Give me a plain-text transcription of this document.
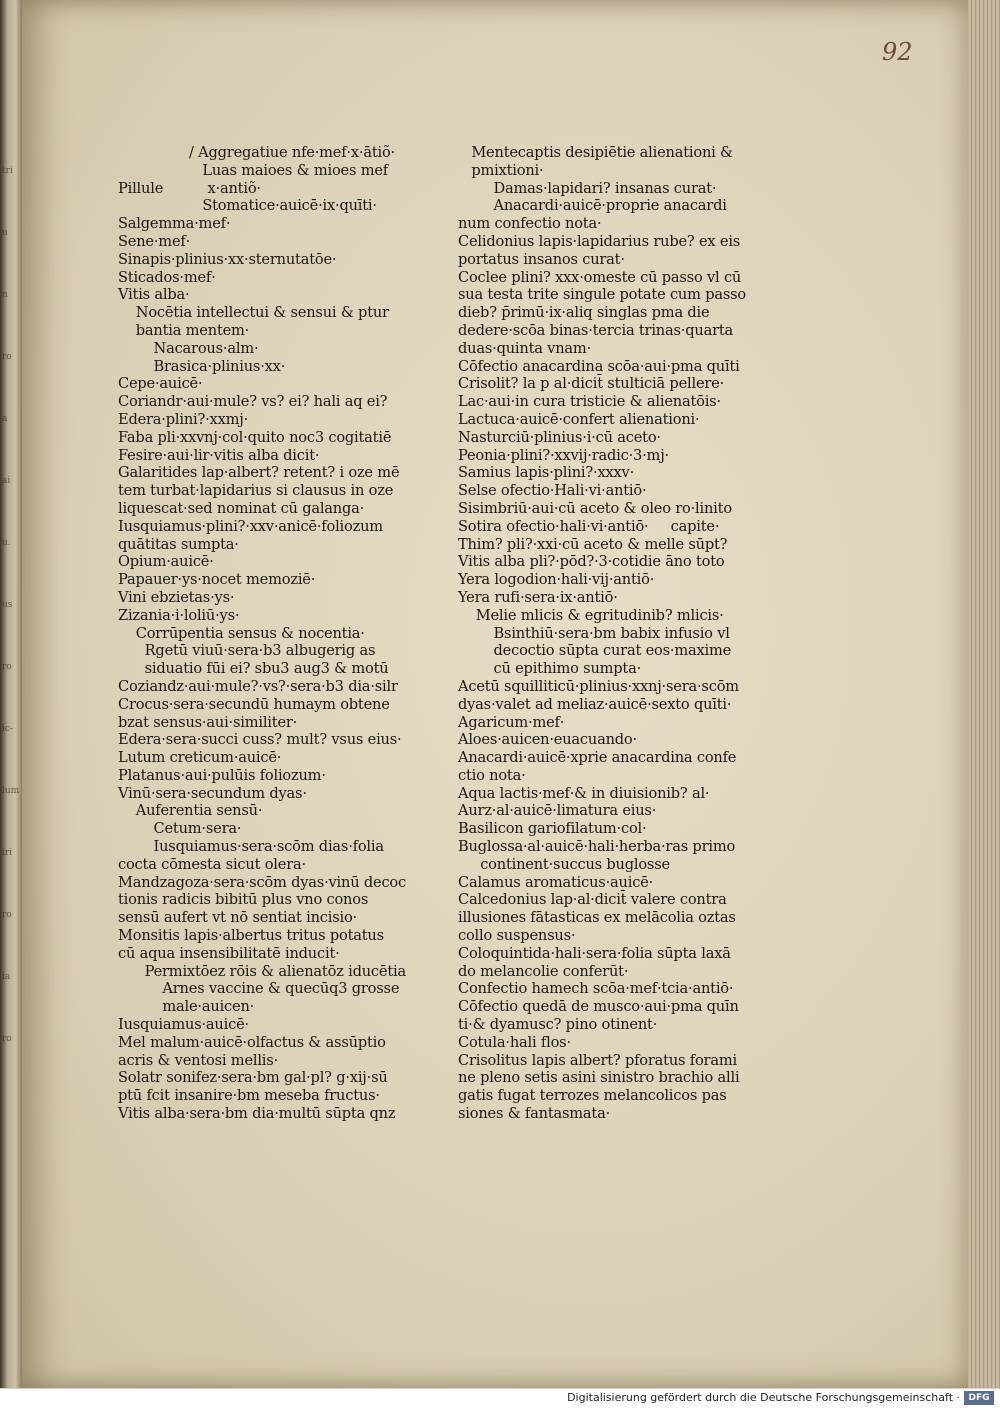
tri
u
n
ro
a
ai
u.
us
ro
ic-
lum
iri
ro
ia
ro
92
/ Aggregatiue nfe·mef·x·ātiõ·
Luas maioes & mioes mef
Pillule          x·antiõ·
Stomatice·auicē·ix·quīti·
Salgemma·mef·
Sene·mef·
Sinapis·plinius·xx·sternutatōe·
Sticados·mef·
Vitis alba·
Nocētia intellectui & sensui & ptur
bantia mentem·
Nacarous·alm·
Brasica·plinius·xx·
Cepe·auicē·
Coriandr·aui·mule? vs? ei? hali aq ei?
Edera·plini?·xxmj·
Faba pli·xxvnj·col·quito noc3 cogitatiē
Fesire·aui·lir·vitis alba dicit·
Galaritides lap·albert? retent? i oze mē
tem turbat·lapidarius si clausus in oze
liquescat·sed nominat cū galanga·
Iusquiamus·plini?·xxv·anicē·foliozum
quātitas sumpta·
Opium·auicē·
Papauer·ys·nocet memoziē·
Vini ebzietas·ys·
Zizania·i·loliū·ys·
Corrūpentia sensus & nocentia·
Rgetū viuū·sera·b3 albugerig as
siduatio fūi ei? sbu3 aug3 & motū
Coziandz·aui·mule?·vs?·sera·b3 dia·silr
Crocus·sera·secundū humaym obtene
bzat sensus·aui·similiter·
Edera·sera·succi cuss? mult? vsus eius·
Lutum creticum·auicē·
Platanus·aui·pulūis foliozum·
Vinū·sera·secundum dyas·
Auferentia sensū·
Cetum·sera·
Iusquiamus·sera·scōm dias·folia
cocta cōmesta sicut olera·
Mandzagoza·sera·scōm dyas·vinū decoc
tionis radicis bibitū plus vno conos
sensū aufert vt nō sentiat incisio·
Monsitis lapis·albertus tritus potatus
cū aqua insensibilitatē inducit·
Permixtōez rōis & alienatōz iducētia
Arnes vaccine & quecūq3 grosse
male·auicen·
Iusquiamus·auicē·
Mel malum·auicē·olfactus & assūptio
acris & ventosi mellis·
Solatr sonifez·sera·bm gal·pl? g·xij·sū
ptū fcit insanire·bm meseba fructus·
Vitis alba·sera·bm dia·multū sūpta qnz
Mentecaptis desipiētie alienationi &
pmixtioni·
Damas·lapidari? insanas curat·
Anacardi·auicē·proprie anacardi
num confectio nota·
Celidonius lapis·lapidarius rube? ex eis
portatus insanos curat·
Coclee plini? xxx·omeste cū passo vl cū
sua testa trite singule potate cum passo
dieb? p̄rimū·ix·aliq singlas pma die
dedere·scōa binas·tercia trinas·quarta
duas·quinta vnam·
Cōfectio anacardina scōa·aui·pma quīti
Crisolit? la p al·dicit̄ stulticiā pellere·
Lac·aui·in cura tristicie & alienatōis·
Lactuca·auicē·confert alienationi·
Nasturciū·plinius·i·cū aceto·
Peonia·plini?·xxvij·radic·3·mj·
Samius lapis·plini?·xxxv·
Selse ofectio·Hali·vi·antiō·
Sisimbriū·aui·cū aceto & oleo ro·linito
Sotira ofectio·hali·vi·antiō·     capite·
Thim? pli?·xxi·cū aceto & melle sūpt?
Vitis alba pli?·pōd?·3·cotidie āno toto
Yera logodion·hali·vij·antiō·
Yera rufi·sera·ix·antiō·
Melie mlicis & egritudinib? mlicis·
Bsinthiū·sera·bm babix infusio vl
decoctio sūpta curat eos·maxime
cū epithimo sumpta·
Acetū squilliticū·plinius·xxnj·sera·scōm
dyas·valet ad meliaz·auicē·sexto quīti·
Agaricum·mef·
Aloes·auicen·euacuando·
Anacardi·auicē·xprie anacardina confe
ctio nota·
Aqua lactis·mef·& in diuisionib? al·
Aurz·al·auicē·limatura eius·
Basilicon gariofilatum·col·
Buglossa·al·auicē·hali·herba·ras primo
continent·succus buglosse
Calamus aromaticus·auicē·
Calcedonius lap·al·dicit̄ valere contra
illusiones fātasticas ex melācolia oztas
collo suspensus·
Coloquintida·hali·sera·folia sūpta laxā
do melancolie conferūt·
Confectio hamech scōa·mef·tcia·antiō·
Cōfectio quedā de musco·aui·pma quīn
ti·& dyamusc? pino otinent·
Cotula·hali flos·
Crisolitus lapis albert? pforatus forami
ne pleno setis asini sinistro brachio alli
gatis fugat terrozes melancolicos pas
siones & fantasmata·
Digitalisierung gefördert durch die Deutsche Forschungsgemeinschaft · DFG
